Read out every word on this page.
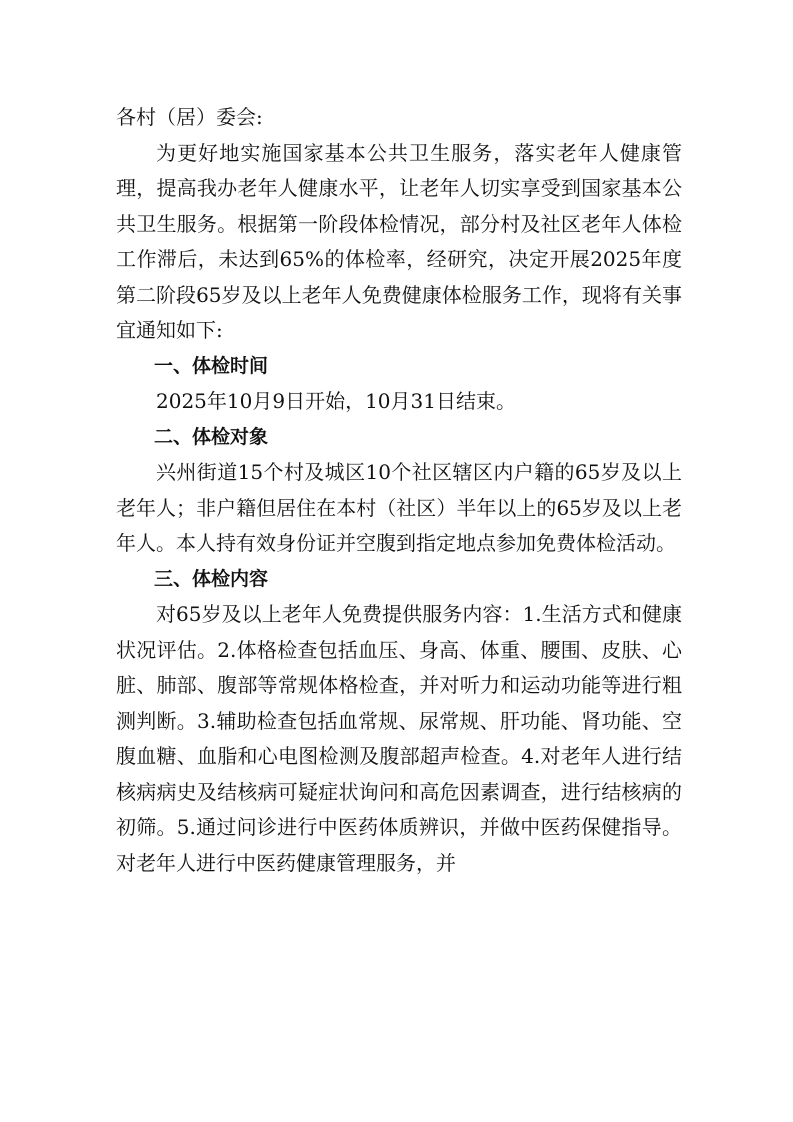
各村（居）委会:

为更好地实施国家基本公共卫生服务，落实老年人健康管理，提高我办老年人健康水平，让老年人切实享受到国家基本公共卫生服务。根据第一阶段体检情况，部分村及社区老年人体检工作滞后，未达到65%的体检率，经研究，决定开展2025年度第二阶段65岁及以上老年人免费健康体检服务工作，现将有关事宜通知如下:

一、体检时间

2025年10月9日开始，10月31日结束。

二、体检对象

兴州街道15个村及城区10个社区辖区内户籍的65岁及以上老年人；非户籍但居住在本村（社区）半年以上的65岁及以上老年人。本人持有效身份证并空腹到指定地点参加免费体检活动。

三、体检内容

对65岁及以上老年人免费提供服务内容：1.生活方式和健康状况评估。2.体格检查包括血压、身高、体重、腰围、皮肤、心脏、肺部、腹部等常规体格检查，并对听力和运动功能等进行粗测判断。3.辅助检查包括血常规、尿常规、肝功能、肾功能、空腹血糖、血脂和心电图检测及腹部超声检查。4.对老年人进行结核病病史及结核病可疑症状询问和高危因素调查，进行结核病的初筛。5.通过问诊进行中医药体质辨识，并做中医药保健指导。对老年人进行中医药健康管理服务，并
